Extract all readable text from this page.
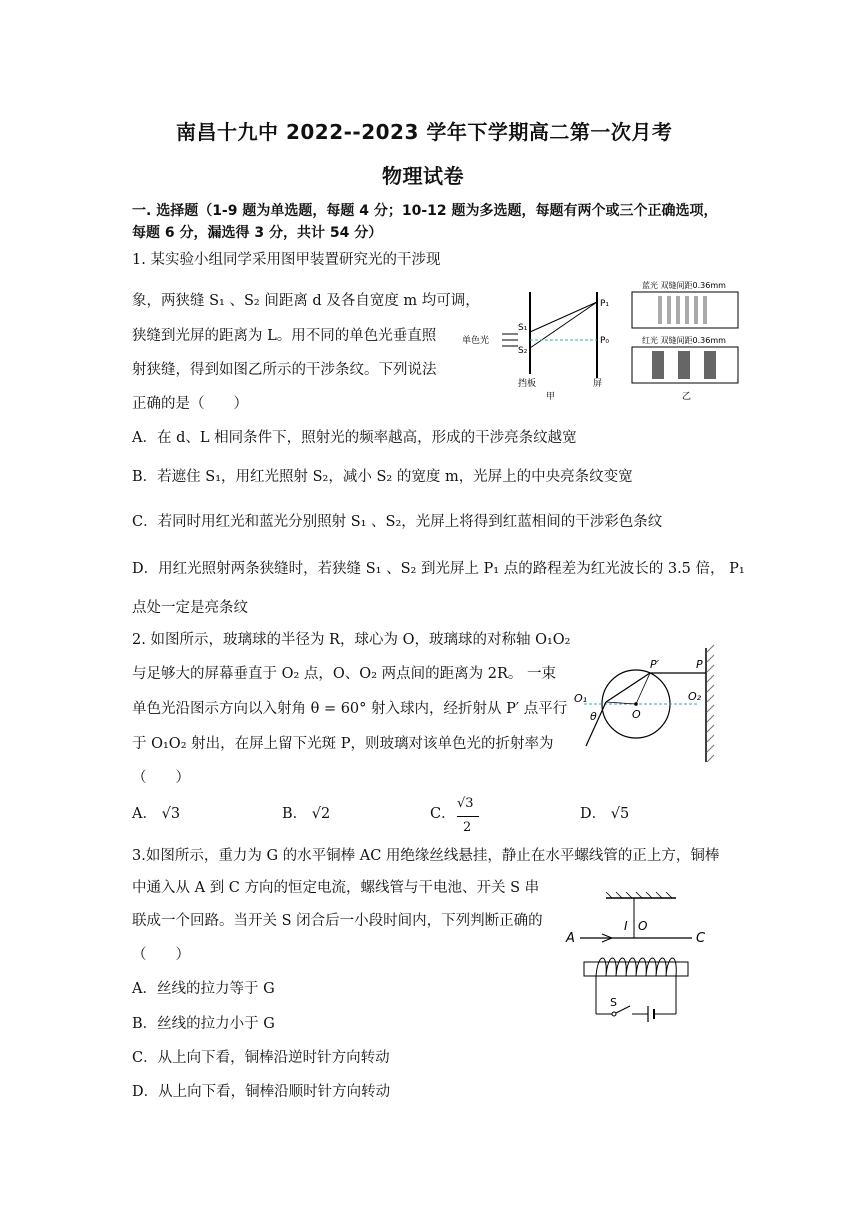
南昌十九中 2022--2023 学年下学期高二第一次月考
物理试卷
一. 选择题（1-9 题为单选题，每题 4 分；10-12 题为多选题，每题有两个或三个正确选项，
每题 6 分，漏选得 3 分，共计 54 分）
1. 某实验小组同学采用图甲装置研究光的干涉现
象，两狭缝 S₁ 、S₂ 间距离 d 及各自宽度 m 均可调，
狭缝到光屏的距离为 L。用不同的单色光垂直照
射狭缝，得到如图乙所示的干涉条纹。下列说法
正确的是（　　）
A．在 d、L 相同条件下，照射光的频率越高，形成的干涉亮条纹越宽
B．若遮住 S₁，用红光照射 S₂，减小 S₂ 的宽度 m，光屏上的中央亮条纹变宽
C．若同时用红光和蓝光分别照射 S₁ 、S₂，光屏上将得到红蓝相间的干涉彩色条纹
D．用红光照射两条狭缝时，若狭缝 S₁ 、S₂ 到光屏上 P₁ 点的路程差为红光波长的 3.5 倍， P₁
点处一定是亮条纹
单色光
S₁
S₂
P₁
P₀
挡板	屏
甲
蓝光 双缝间距0.36mm
红光 双缝间距0.36mm
乙
2. 如图所示，玻璃球的半径为 R，球心为 O，玻璃球的对称轴 O₁O₂
与足够大的屏幕垂直于 O₂ 点，O、O₂ 两点间的距离为 2R。 一束
单色光沿图示方向以入射角 θ = 60° 射入球内，经折射从 P′ 点平行
于 O₁O₂ 射出，在屏上留下光斑 P，则玻璃对该单色光的折射率为
（　　）
A． √3	B． √2	C．
√3
2
D． √5
P′	P
O₁	O₂
O
θ
3.如图所示，重力为 G 的水平铜棒 AC 用绝缘丝线悬挂，静止在水平螺线管的正上方，铜棒
中通入从 A 到 C 方向的恒定电流，螺线管与干电池、开关 S 串
联成一个回路。当开关 S 闭合后一小段时间内，下列判断正确的
（　　）
A．丝线的拉力等于 G
B．丝线的拉力小于 G
C．从上向下看，铜棒沿逆时针方向转动
D．从上向下看，铜棒沿顺时针方向转动
A	C
I O
S
